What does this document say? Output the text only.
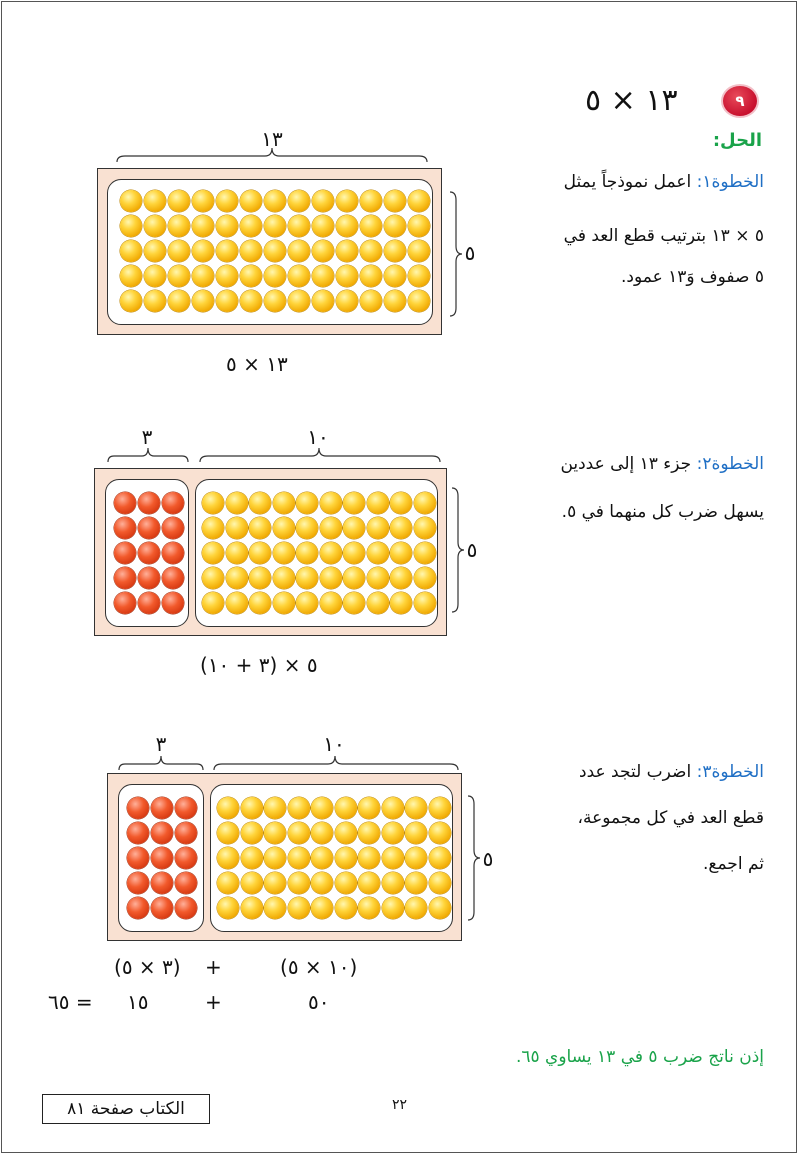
٩
١٣ × ٥
الحل:
الخطوة١: اعمل نموذجاً يمثل
٥ × ١٣ بترتيب قطع العد في
٥ صفوف وَ١٣ عمود.
١٣
٥
١٣ × ٥
الخطوة٢: جزء ١٣ إلى عددين
يسهل ضرب كل منهما في ٥.
٣	١٠
٥
(٣ + ١٠) × ٥
الخطوة٣: اضرب لتجد عدد
قطع العد في كل مجموعة،
ثم اجمع.
٣	١٠
٥
(٣ × ٥) +	(١٠ × ٥)
٦٥ = ١٥	+	٥٠
إذن ناتج ضرب ٥ في ١٣ يساوي ٦٥.
٢٢
الكتاب صفحة ٨١
